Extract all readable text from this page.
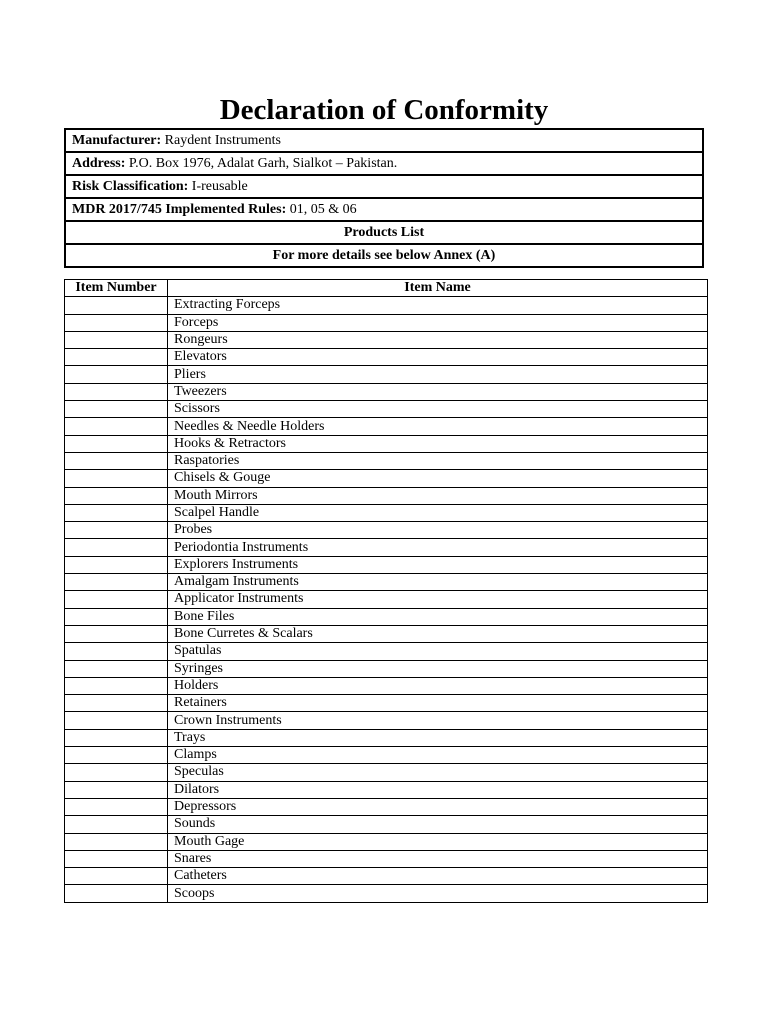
Declaration of Conformity
Manufacturer: Raydent Instruments
Address: P.O. Box 1976, Adalat Garh, Sialkot – Pakistan.
Risk Classification: I-reusable
MDR 2017/745 Implemented Rules: 01, 05 & 06
Products List
For more details see below Annex (A)
Item Number	Item Name
	Extracting Forceps
	Forceps
	Rongeurs
	Elevators
	Pliers
	Tweezers
	Scissors
	Needles & Needle Holders
	Hooks & Retractors
	Raspatories
	Chisels & Gouge
	Mouth Mirrors
	Scalpel Handle
	Probes
	Periodontia Instruments
	Explorers Instruments
	Amalgam Instruments
	Applicator Instruments
	Bone Files
	Bone Curretes & Scalars
	Spatulas
	Syringes
	Holders
	Retainers
	Crown Instruments
	Trays
	Clamps
	Speculas
	Dilators
	Depressors
	Sounds
	Mouth Gage
	Snares
	Catheters
	Scoops
